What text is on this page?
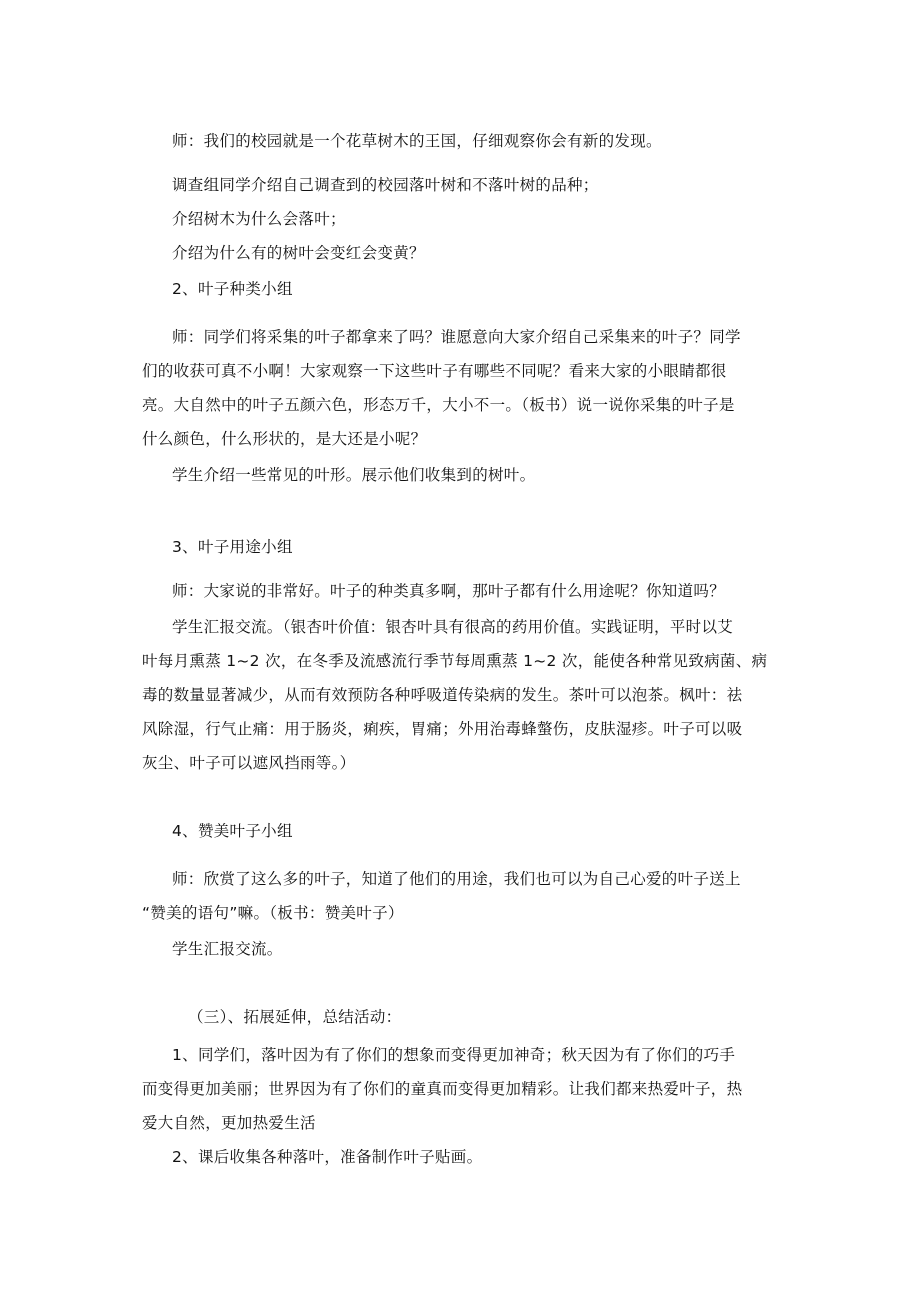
师：我们的校园就是一个花草树木的王国，仔细观察你会有新的发现。
调查组同学介绍自己调查到的校园落叶树和不落叶树的品种；
介绍树木为什么会落叶；
介绍为什么有的树叶会变红会变黄？
2、叶子种类小组
师：同学们将采集的叶子都拿来了吗？谁愿意向大家介绍自己采集来的叶子？同学
们的收获可真不小啊！大家观察一下这些叶子有哪些不同呢？看来大家的小眼睛都很
亮。大自然中的叶子五颜六色，形态万千，大小不一。（板书）说一说你采集的叶子是
什么颜色，什么形状的，是大还是小呢？
学生介绍一些常见的叶形。展示他们收集到的树叶。
3、叶子用途小组
师：大家说的非常好。叶子的种类真多啊，那叶子都有什么用途呢？你知道吗？
学生汇报交流。（银杏叶价值：银杏叶具有很高的药用价值。实践证明，平时以艾
叶每月熏蒸 1~2 次，在冬季及流感流行季节每周熏蒸 1~2 次，能使各种常见致病菌、病
毒的数量显著减少，从而有效预防各种呼吸道传染病的发生。茶叶可以泡茶。枫叶：祛
风除湿，行气止痛：用于肠炎，痢疾，胃痛；外用治毒蜂螫伤，皮肤湿疹。叶子可以吸
灰尘、叶子可以遮风挡雨等。）
4、赞美叶子小组
师：欣赏了这么多的叶子，知道了他们的用途，我们也可以为自己心爱的叶子送上
“赞美的语句”嘛。（板书：赞美叶子）
学生汇报交流。
（三）、拓展延伸，总结活动：
1、同学们，落叶因为有了你们的想象而变得更加神奇；秋天因为有了你们的巧手
而变得更加美丽；世界因为有了你们的童真而变得更加精彩。让我们都来热爱叶子，热
爱大自然，更加热爱生活
2、课后收集各种落叶，准备制作叶子贴画。
